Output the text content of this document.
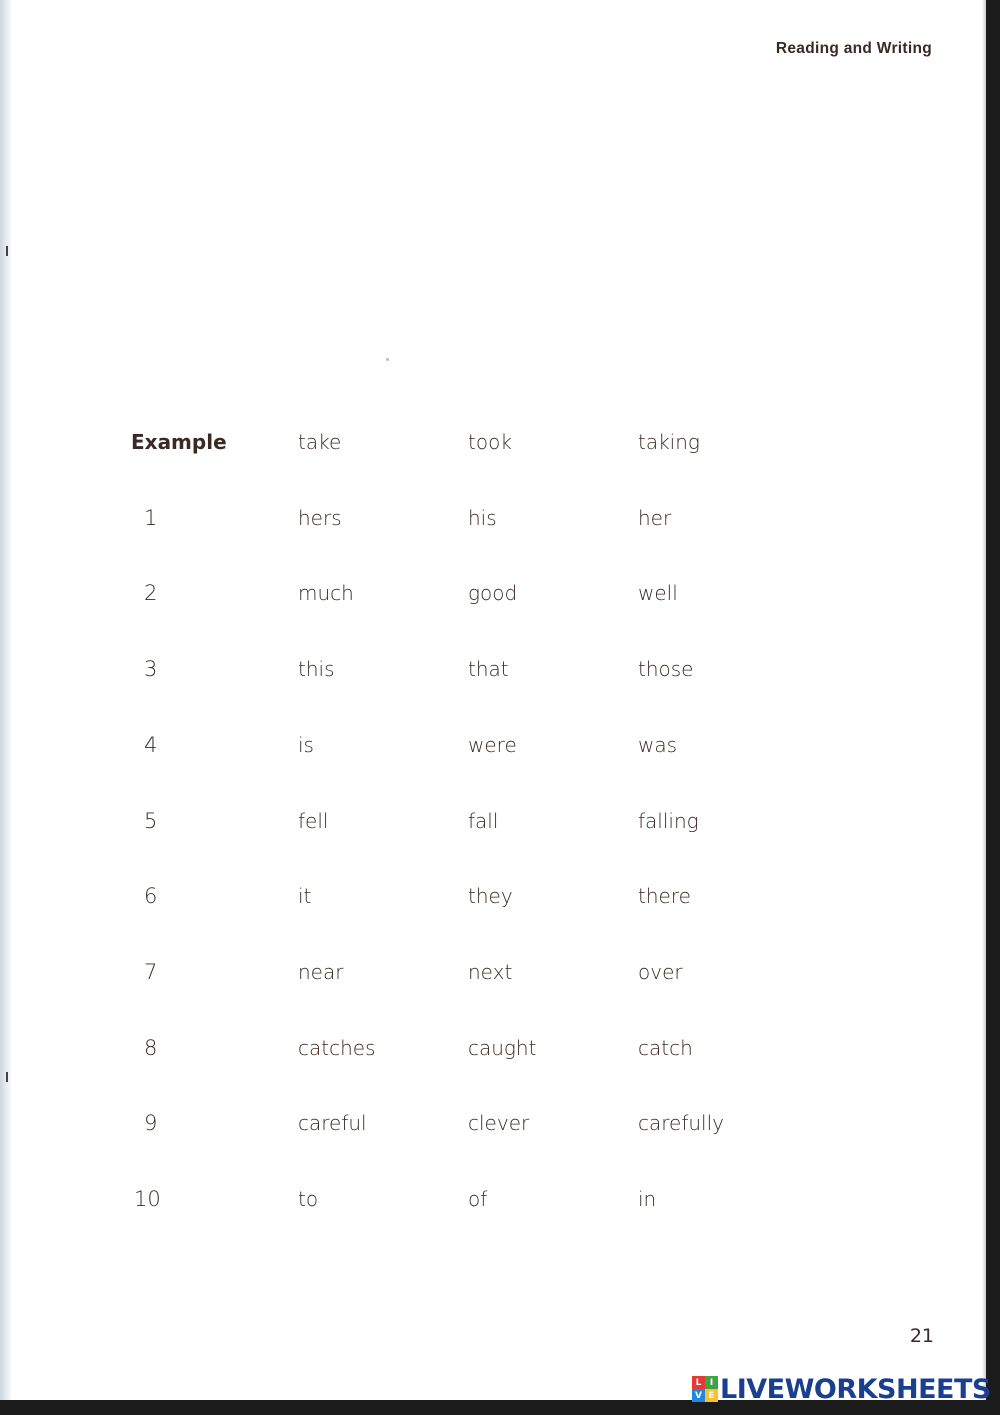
Reading and Writing
Example	take	took	taking
1	hers	his	her
2	much	good	well
3	this	that	those
4	is	were	was
5	fell	fall	falling
6	it	they	there
7	near	next	over
8	catches	caught	catch
9	careful	clever	carefully
10	to	of	in
21
L I
V E LIVEWORKSHEETS
